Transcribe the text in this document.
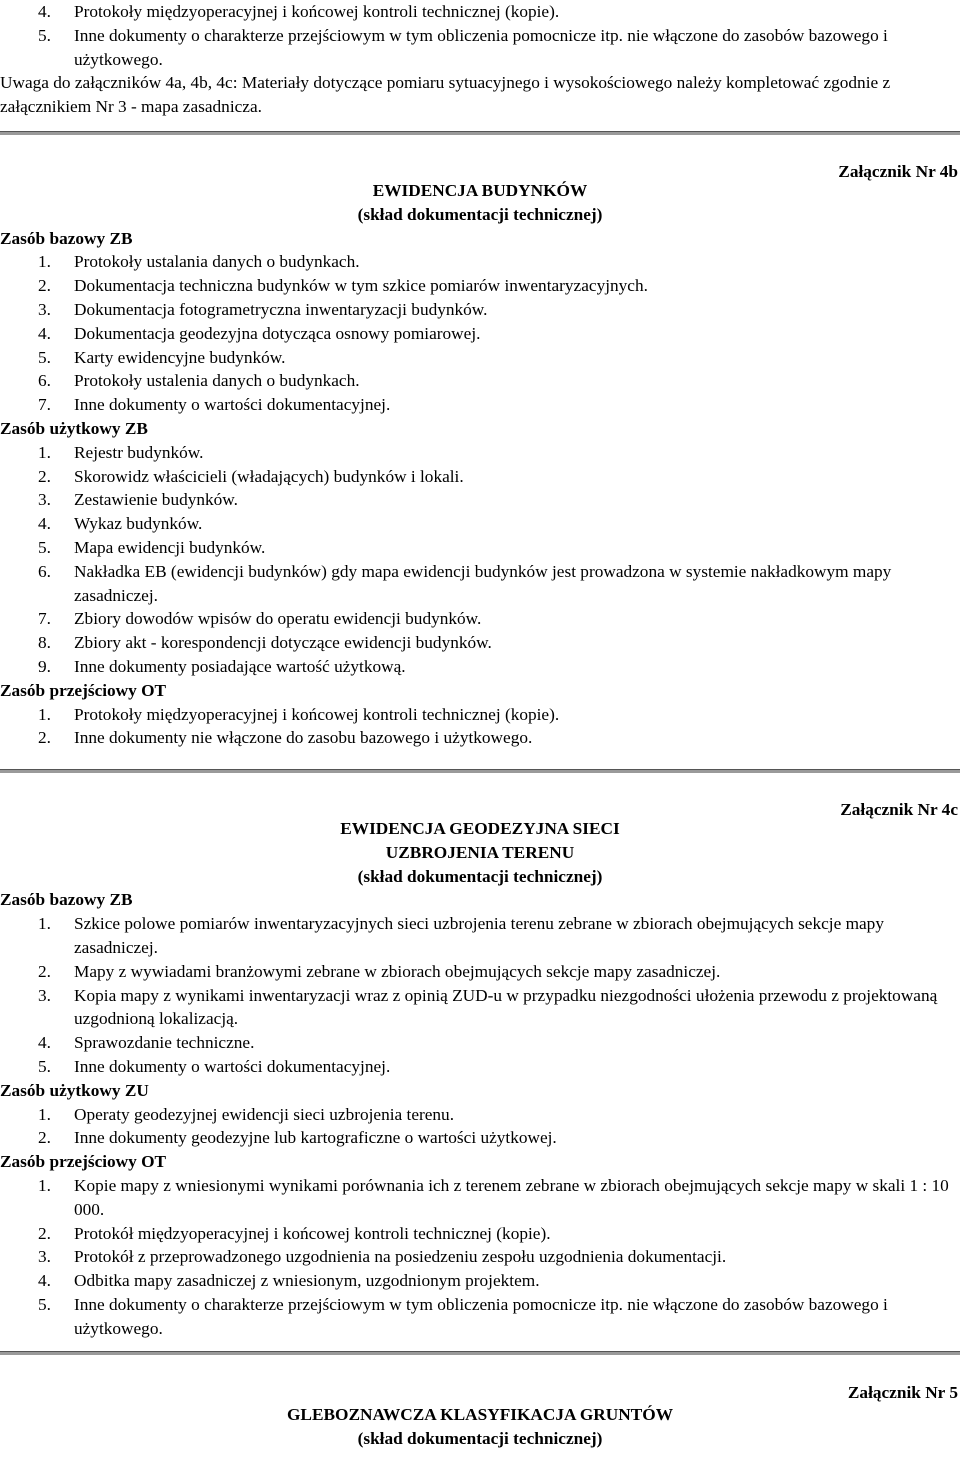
4. Protokoły międzyoperacyjnej i końcowej kontroli technicznej (kopie).
5. Inne dokumenty o charakterze przejściowym w tym obliczenia pomocnicze itp. nie włączone do zasobów bazowego i użytkowego.
Uwaga do załączników 4a, 4b, 4c: Materiały dotyczące pomiaru sytuacyjnego i wysokościowego należy kompletować zgodnie z załącznikiem Nr 3 - mapa zasadnicza.
Załącznik Nr 4b
EWIDENCJA BUDYNKÓW
(skład dokumentacji technicznej)
Zasób bazowy ZB
1. Protokoły ustalania danych o budynkach.
2. Dokumentacja techniczna budynków w tym szkice pomiarów inwentaryzacyjnych.
3. Dokumentacja fotogrametryczna inwentaryzacji budynków.
4. Dokumentacja geodezyjna dotycząca osnowy pomiarowej.
5. Karty ewidencyjne budynków.
6. Protokoły ustalenia danych o budynkach.
7. Inne dokumenty o wartości dokumentacyjnej.
Zasób użytkowy ZB
1. Rejestr budynków.
2. Skorowidz właścicieli (władających) budynków i lokali.
3. Zestawienie budynków.
4. Wykaz budynków.
5. Mapa ewidencji budynków.
6. Nakładka EB (ewidencji budynków) gdy mapa ewidencji budynków jest prowadzona w systemie nakładkowym mapy zasadniczej.
7. Zbiory dowodów wpisów do operatu ewidencji budynków.
8. Zbiory akt - korespondencji dotyczące ewidencji budynków.
9. Inne dokumenty posiadające wartość użytkową.
Zasób przejściowy OT
1. Protokoły międzyoperacyjnej i końcowej kontroli technicznej (kopie).
2. Inne dokumenty nie włączone do zasobu bazowego i użytkowego.
Załącznik Nr 4c
EWIDENCJA GEODEZYJNA SIECI
UZBROJENIA TERENU
(skład dokumentacji technicznej)
Zasób bazowy ZB
1. Szkice polowe pomiarów inwentaryzacyjnych sieci uzbrojenia terenu zebrane w zbiorach obejmujących sekcje mapy zasadniczej.
2. Mapy z wywiadami branżowymi zebrane w zbiorach obejmujących sekcje mapy zasadniczej.
3. Kopia mapy z wynikami inwentaryzacji wraz z opinią ZUD-u w przypadku niezgodności ułożenia przewodu z projektowaną uzgodnioną lokalizacją.
4. Sprawozdanie techniczne.
5. Inne dokumenty o wartości dokumentacyjnej.
Zasób użytkowy ZU
1. Operaty geodezyjnej ewidencji sieci uzbrojenia terenu.
2. Inne dokumenty geodezyjne lub kartograficzne o wartości użytkowej.
Zasób przejściowy OT
1. Kopie mapy z wniesionymi wynikami porównania ich z terenem zebrane w zbiorach obejmujących sekcje mapy w skali 1 : 10 000.
2. Protokół międzyoperacyjnej i końcowej kontroli technicznej (kopie).
3. Protokół z przeprowadzonego uzgodnienia na posiedzeniu zespołu uzgodnienia dokumentacji.
4. Odbitka mapy zasadniczej z wniesionym, uzgodnionym projektem.
5. Inne dokumenty o charakterze przejściowym w tym obliczenia pomocnicze itp. nie włączone do zasobów bazowego i użytkowego.
Załącznik Nr 5
GLEBOZNAWCZA KLASYFIKACJA GRUNTÓW
(skład dokumentacji technicznej)
